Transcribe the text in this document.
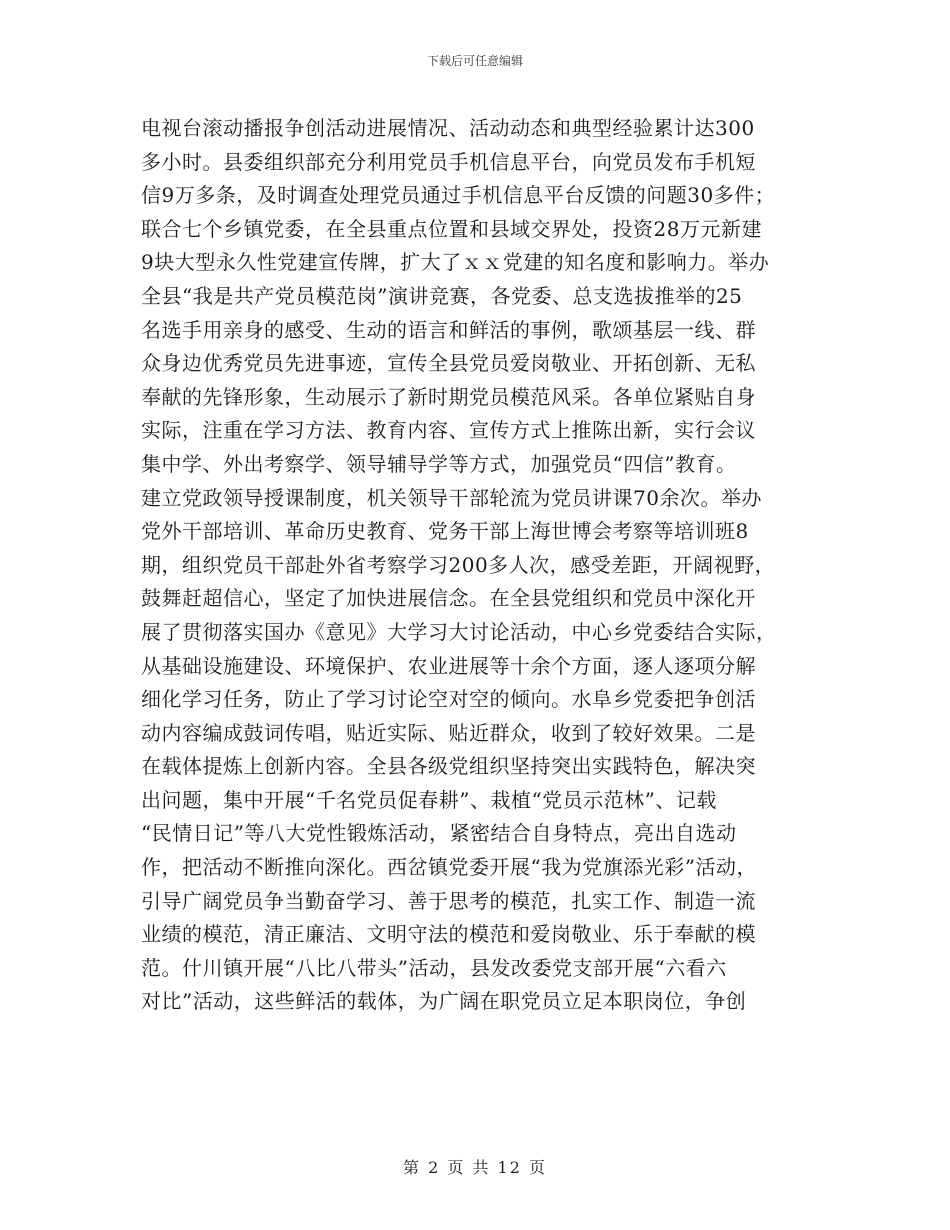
下载后可任意编辑
电视台滚动播报争创活动进展情况、活动动态和典型经验累计达300
多小时。县委组织部充分利用党员手机信息平台，向党员发布手机短
信9万多条，及时调查处理党员通过手机信息平台反馈的问题30多件；
联合七个乡镇党委，在全县重点位置和县域交界处，投资28万元新建
9块大型永久性党建宣传牌，扩大了ｘｘ党建的知名度和影响力。举办
全县“我是共产党员模范岗”演讲竞赛，各党委、总支选拔推举的25
名选手用亲身的感受、生动的语言和鲜活的事例，歌颂基层一线、群
众身边优秀党员先进事迹，宣传全县党员爱岗敬业、开拓创新、无私
奉献的先锋形象，生动展示了新时期党员模范风采。各单位紧贴自身
实际，注重在学习方法、教育内容、宣传方式上推陈出新，实行会议
集中学、外出考察学、领导辅导学等方式，加强党员“四信”教育。
建立党政领导授课制度，机关领导干部轮流为党员讲课70余次。举办
党外干部培训、革命历史教育、党务干部上海世博会考察等培训班8
期，组织党员干部赴外省考察学习200多人次，感受差距，开阔视野，
鼓舞赶超信心，坚定了加快进展信念。在全县党组织和党员中深化开
展了贯彻落实国办《意见》大学习大讨论活动，中心乡党委结合实际，
从基础设施建设、环境保护、农业进展等十余个方面，逐人逐项分解
细化学习任务，防止了学习讨论空对空的倾向。水阜乡党委把争创活
动内容编成鼓词传唱，贴近实际、贴近群众，收到了较好效果。二是
在载体提炼上创新内容。全县各级党组织坚持突出实践特色，解决突
出问题，集中开展“千名党员促春耕”、栽植“党员示范林”、记载
“民情日记”等八大党性锻炼活动，紧密结合自身特点，亮出自选动
作，把活动不断推向深化。西岔镇党委开展“我为党旗添光彩”活动，
引导广阔党员争当勤奋学习、善于思考的模范，扎实工作、制造一流
业绩的模范，清正廉洁、文明守法的模范和爱岗敬业、乐于奉献的模
范。什川镇开展“八比八带头”活动，县发改委党支部开展“六看六
对比”活动，这些鲜活的载体，为广阔在职党员立足本职岗位，争创
第 2 页 共 12 页
